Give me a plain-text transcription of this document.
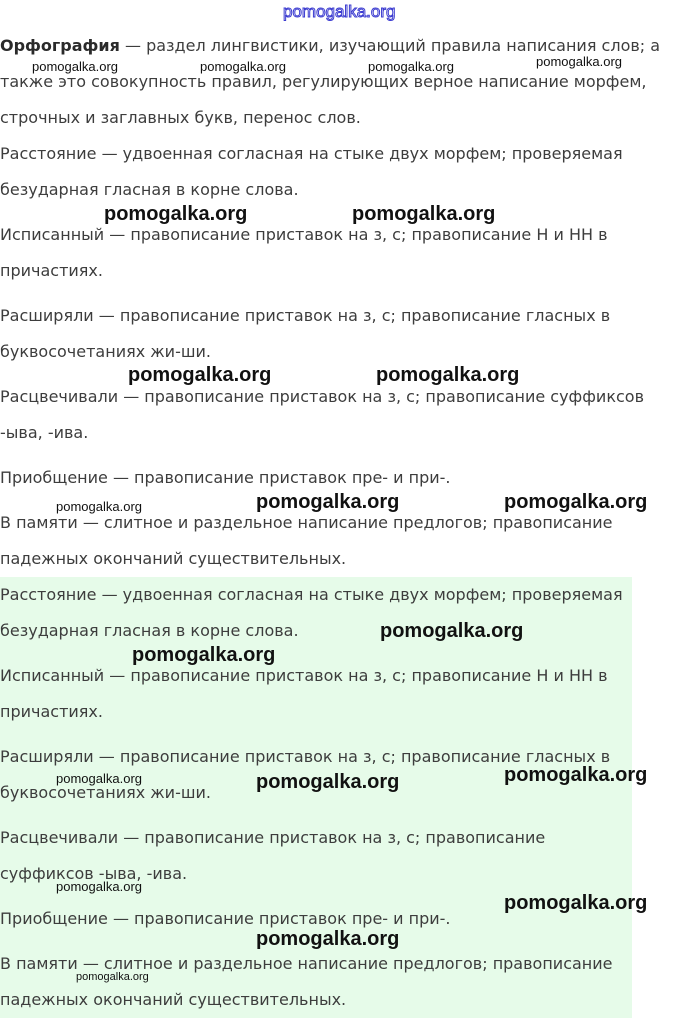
Орфография — раздел лингвистики, изучающий правила написания слов; а

также это совокупность правил, регулирующих верное написание морфем,

строчных и заглавных букв, перенос слов.

Расстояние — удвоенная согласная на стыке двух морфем; проверяемая

безударная гласная в корне слова.

Исписанный — правописание приставок на з, с; правописание Н и НН в

причастиях.

Расширяли — правописание приставок на з, с; правописание гласных в

буквосочетаниях жи-ши.

Расцвечивали — правописание приставок на з, с; правописание суффиксов

-ыва, -ива.

Приобщение — правописание приставок пре- и при-.

В памяти — слитное и раздельное написание предлогов; правописание

падежных окончаний существительных.

Расстояние — удвоенная согласная на стыке двух морфем; проверяемая

безударная гласная в корне слова.

Исписанный — правописание приставок на з, с; правописание Н и НН в

причастиях.

Расширяли — правописание приставок на з, с; правописание гласных в

буквосочетаниях жи-ши.

Расцвечивали — правописание приставок на з, с; правописание

суффиксов -ыва, -ива.

Приобщение — правописание приставок пре- и при-.

В памяти — слитное и раздельное написание предлогов; правописание

падежных окончаний существительных.

pomogalka.org
pomogalka.org	pomogalka.org	pomogalka.org	pomogalka.org
pomogalka.org	pomogalka.org
pomogalka.org	pomogalka.org
pomogalka.org	pomogalka.org	pomogalka.org
pomogalka.org
pomogalka.org
pomogalka.org	pomogalka.org	pomogalka.org
pomogalka.org
pomogalka.org
pomogalka.org
pomogalka.org
